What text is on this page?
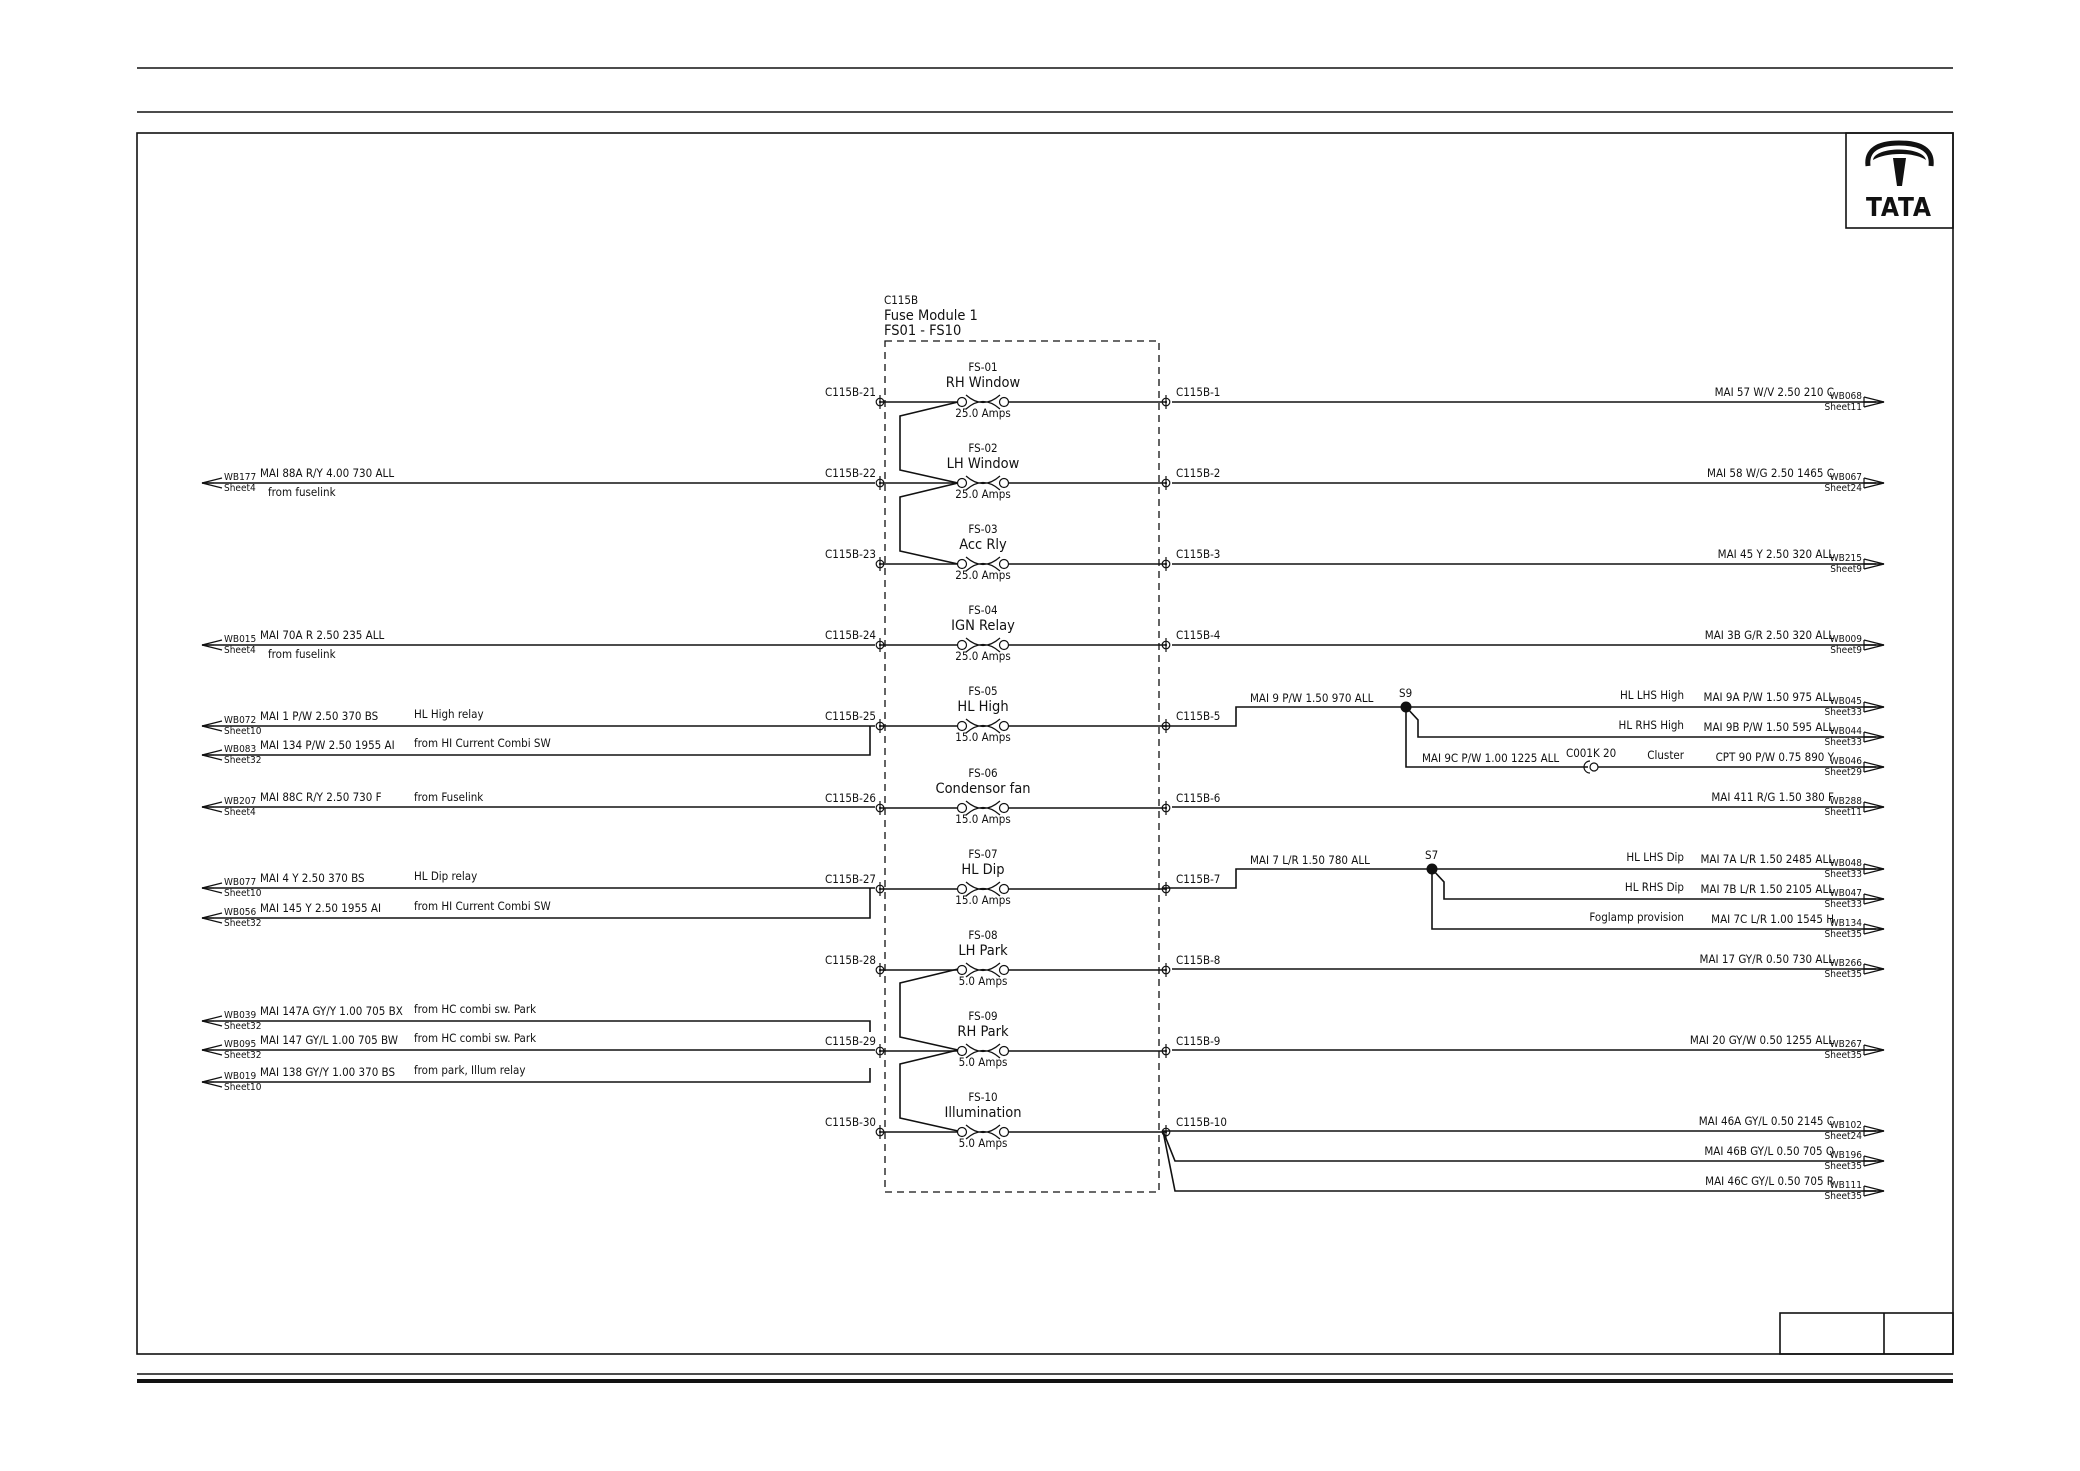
TATA
C115B
Fuse Module 1
FS01 - FS10
FS-01
RH Window
25.0 Amps
C115B-21	C115B-1
FS-02
LH Window
25.0 Amps
C115B-22	C115B-2
FS-03
Acc Rly
25.0 Amps
C115B-23	C115B-3
FS-04
IGN Relay
25.0 Amps
C115B-24	C115B-4
FS-05
HL High
15.0 Amps
C115B-25	C115B-5
FS-06
Condensor fan
15.0 Amps
C115B-26	C115B-6
FS-07
HL Dip
15.0 Amps
C115B-27	C115B-7
FS-08
LH Park
5.0 Amps
C115B-28	C115B-8
FS-09
RH Park
5.0 Amps
C115B-29	C115B-9
FS-10
Illumination
5.0 Amps
C115B-30	C115B-10
WB177
Sheet4
MAI 88A R/Y 4.00 730 ALL
from fuselink
WB015
Sheet4
MAI 70A R 2.50 235 ALL
from fuselink
WB072
Sheet10
MAI 1 P/W 2.50 370 BS	HL High relay
WB083
Sheet32
MAI 134 P/W 2.50 1955 AI from HI Current Combi SW
WB207
Sheet4
MAI 88C R/Y 2.50 730 F	from Fuselink
WB077
Sheet10
MAI 4 Y 2.50 370 BS	HL Dip relay
WB056
Sheet32
MAI 145 Y 2.50 1955 AI	from HI Current Combi SW
WB039
Sheet32
MAI 147A GY/Y 1.00 705 BX from HC combi sw. Park
WB095
Sheet32
MAI 147 GY/L 1.00 705 BW from HC combi sw. Park
WB019
Sheet10
MAI 138 GY/Y 1.00 370 BS from park, Illum relay
WB068
Sheet11
MAI 57 W/V 2.50 210 C
WB067
Sheet24
MAI 58 W/G 2.50 1465 C
WB215
Sheet9
MAI 45 Y 2.50 320 ALL
WB009
Sheet9
MAI 3B G/R 2.50 320 ALL
WB045
Sheet33
MAI 9A P/W 1.50 975 ALL
HL LHS High
WB044
Sheet33
MAI 9B P/W 1.50 595 ALL
HL RHS High
WB046
Sheet29
CPT 90 P/W 0.75 890 Y
Cluster
WB288
Sheet11
MAI 411 R/G 1.50 380 F
WB048
Sheet33
MAI 7A L/R 1.50 2485 ALL
HL LHS Dip
WB047
Sheet33
MAI 7B L/R 1.50 2105 ALL
HL RHS Dip
WB134
Sheet35
MAI 7C L/R 1.00 1545 H
Foglamp provision
WB266
Sheet35
MAI 17 GY/R 0.50 730 ALL
WB267
Sheet35
MAI 20 GY/W 0.50 1255 ALL
WB102
Sheet24
MAI 46A GY/L 0.50 2145 C
WB196
Sheet35
MAI 46B GY/L 0.50 705 Q
WB111
Sheet35
MAI 46C GY/L 0.50 705 R
MAI 9 P/W 1.50 970 ALL S9
MAI 9C P/W 1.00 1225 ALL C001K 20
MAI 7 L/R 1.50 780 ALL	S7
